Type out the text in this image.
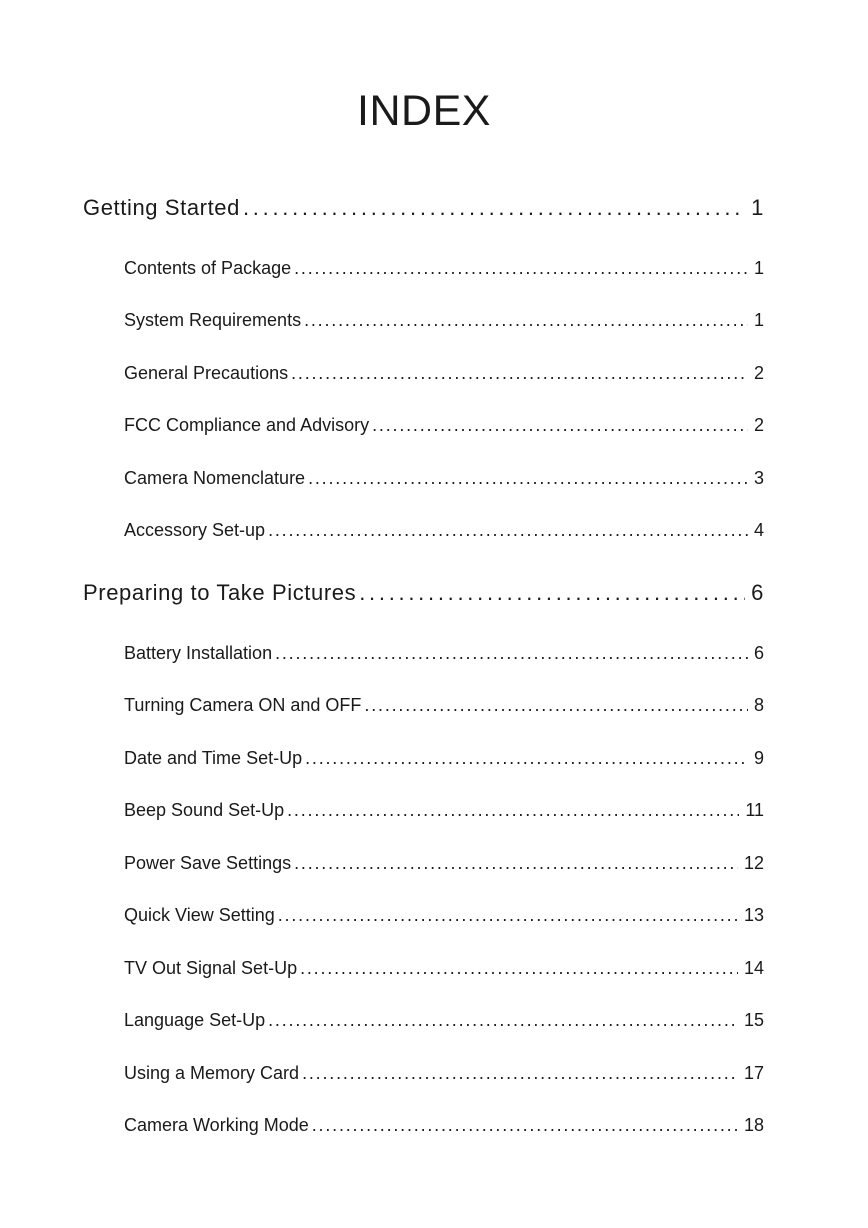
INDEX
Getting Started . . .	1
Contents of Package . . .	1
System Requirements . . .	1
General Precautions . . .	2
FCC Compliance and Advisory . . .	2
Camera Nomenclature . . .	3
Accessory Set-up . . .	4
Preparing to Take Pictures . . .	6
Battery Installation . . .	6
Turning Camera ON and OFF . . .	8
Date and Time Set-Up . . .	9
Beep Sound Set-Up . . .	11
Power Save Settings . . .	12
Quick View Setting . . .	13
TV Out Signal Set-Up . . .	14
Language Set-Up . . .	15
Using a Memory Card . . .	17
Camera Working Mode . . .	18
